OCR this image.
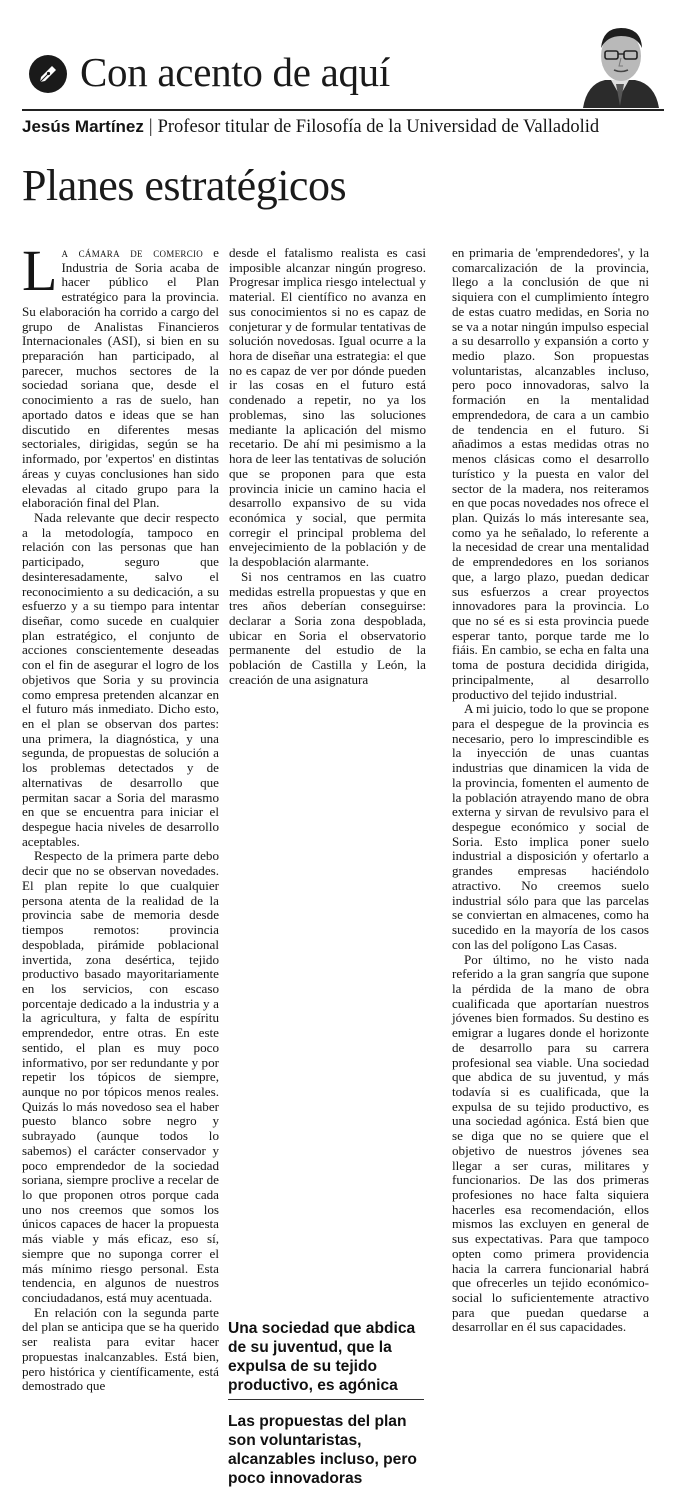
Con acento de aquí
Jesús Martínez | Profesor titular de Filosofía de la Universidad de Valladolid
Planes estratégicos

La cámara de comercio e Industria de Soria acaba de hacer público el Plan estratégico para la provincia. Su elaboración ha corrido a cargo del grupo de Analistas Financieros Internacionales (ASI), si bien en su preparación han participado, al parecer, muchos sectores de la sociedad soriana que, desde el conocimiento a ras de suelo, han aportado datos e ideas que se han discutido en diferentes mesas sectoriales, dirigidas, según se ha informado, por 'expertos' en distintas áreas y cuyas conclusiones han sido elevadas al citado grupo para la elaboración final del Plan.

Nada relevante que decir respecto a la metodología, tampoco en relación con las personas que han participado, seguro que desinteresadamente, salvo el reconocimiento a su dedicación, a su esfuerzo y a su tiempo para intentar diseñar, como sucede en cualquier plan estratégico, el conjunto de acciones conscientemente deseadas con el fin de asegurar el logro de los objetivos que Soria y su provincia como empresa pretenden alcanzar en el futuro más inmediato. Dicho esto, en el plan se observan dos partes: una primera, la diagnóstica, y una segunda, de propuestas de solución a los problemas detectados y de alternativas de desarrollo que permitan sacar a Soria del marasmo en que se encuentra para iniciar el despegue hacia niveles de desarrollo aceptables.

Respecto de la primera parte debo decir que no se observan novedades. El plan repite lo que cualquier persona atenta de la realidad de la provincia sabe de memoria desde tiempos remotos: provincia despoblada, pirámide poblacional invertida, zona desértica, tejido productivo basado mayoritariamente en los servicios, con escaso porcentaje dedicado a la industria y a la agricultura, y falta de espíritu emprendedor, entre otras. En este sentido, el plan es muy poco informativo, por ser redundante y por repetir los tópicos de siempre, aunque no por tópicos menos reales. Quizás lo más novedoso sea el haber puesto blanco sobre negro y subrayado (aunque todos lo sabemos) el carácter conservador y poco emprendedor de la sociedad soriana, siempre proclive a recelar de lo que proponen otros porque cada uno nos creemos que somos los únicos capaces de hacer la propuesta más viable y más eficaz, eso sí, siempre que no suponga correr el más mínimo riesgo personal. Esta tendencia, en algunos de nuestros conciudadanos, está muy acentuada.

En relación con la segunda parte del plan se anticipa que se ha querido ser realista para evitar hacer propuestas inalcanzables. Está bien, pero histórica y científicamente, está demostrado que

desde el fatalismo realista es casi imposible alcanzar ningún progreso. Progresar implica riesgo intelectual y material. El científico no avanza en sus conocimientos si no es capaz de conjeturar y de formular tentativas de solución novedosas. Igual ocurre a la hora de diseñar una estrategia: el que no es capaz de ver por dónde pueden ir las cosas en el futuro está condenado a repetir, no ya los problemas, sino las soluciones mediante la aplicación del mismo recetario. De ahí mi pesimismo a la hora de leer las tentativas de solución que se proponen para que esta provincia inicie un camino hacia el desarrollo expansivo de su vida económica y social, que permita corregir el principal problema del envejecimiento de la población y de la despoblación alarmante.

Si nos centramos en las cuatro medidas estrella propuestas y que en tres años deberían conseguirse: declarar a Soria zona despoblada, ubicar en Soria el observatorio permanente del estudio de la población de Castilla y León, la creación de una asignatura

Una sociedad que abdica de su juventud, que la expulsa de su tejido productivo, es agónica
Las propuestas del plan son voluntaristas, alcanzables incluso, pero poco innovadoras

en primaria de 'emprendedores', y la comarcalización de la provincia, llego a la conclusión de que ni siquiera con el cumplimiento íntegro de estas cuatro medidas, en Soria no se va a notar ningún impulso especial a su desarrollo y expansión a corto y medio plazo. Son propuestas voluntaristas, alcanzables incluso, pero poco innovadoras, salvo la formación en la mentalidad emprendedora, de cara a un cambio de tendencia en el futuro. Si añadimos a estas medidas otras no menos clásicas como el desarrollo turístico y la puesta en valor del sector de la madera, nos reiteramos en que pocas novedades nos ofrece el plan. Quizás lo más interesante sea, como ya he señalado, lo referente a la necesidad de crear una mentalidad de emprendedores en los sorianos que, a largo plazo, puedan dedicar sus esfuerzos a crear proyectos innovadores para la provincia. Lo que no sé es si esta provincia puede esperar tanto, porque tarde me lo fiáis. En cambio, se echa en falta una toma de postura decidida dirigida, principalmente, al desarrollo productivo del tejido industrial.

A mi juicio, todo lo que se propone para el despegue de la provincia es necesario, pero lo imprescindible es la inyección de unas cuantas industrias que dinamicen la vida de la provincia, fomenten el aumento de la población atrayendo mano de obra externa y sirvan de revulsivo para el despegue económico y social de Soria. Esto implica poner suelo industrial a disposición y ofertarlo a grandes empresas haciéndolo atractivo. No creemos suelo industrial sólo para que las parcelas se conviertan en almacenes, como ha sucedido en la mayoría de los casos con las del polígono Las Casas.

Por último, no he visto nada referido a la gran sangría que supone la pérdida de la mano de obra cualificada que aportarían nuestros jóvenes bien formados. Su destino es emigrar a lugares donde el horizonte de desarrollo para su carrera profesional sea viable. Una sociedad que abdica de su juventud, y más todavía si es cualificada, que la expulsa de su tejido productivo, es una sociedad agónica. Está bien que se diga que no se quiere que el objetivo de nuestros jóvenes sea llegar a ser curas, militares y funcionarios. De las dos primeras profesiones no hace falta siquiera hacerles esa recomendación, ellos mismos las excluyen en general de sus expectativas. Para que tampoco opten como primera providencia hacia la carrera funcionarial habrá que ofrecerles un tejido económico-social lo suficientemente atractivo para que puedan quedarse a desarrollar en él sus capacidades.
